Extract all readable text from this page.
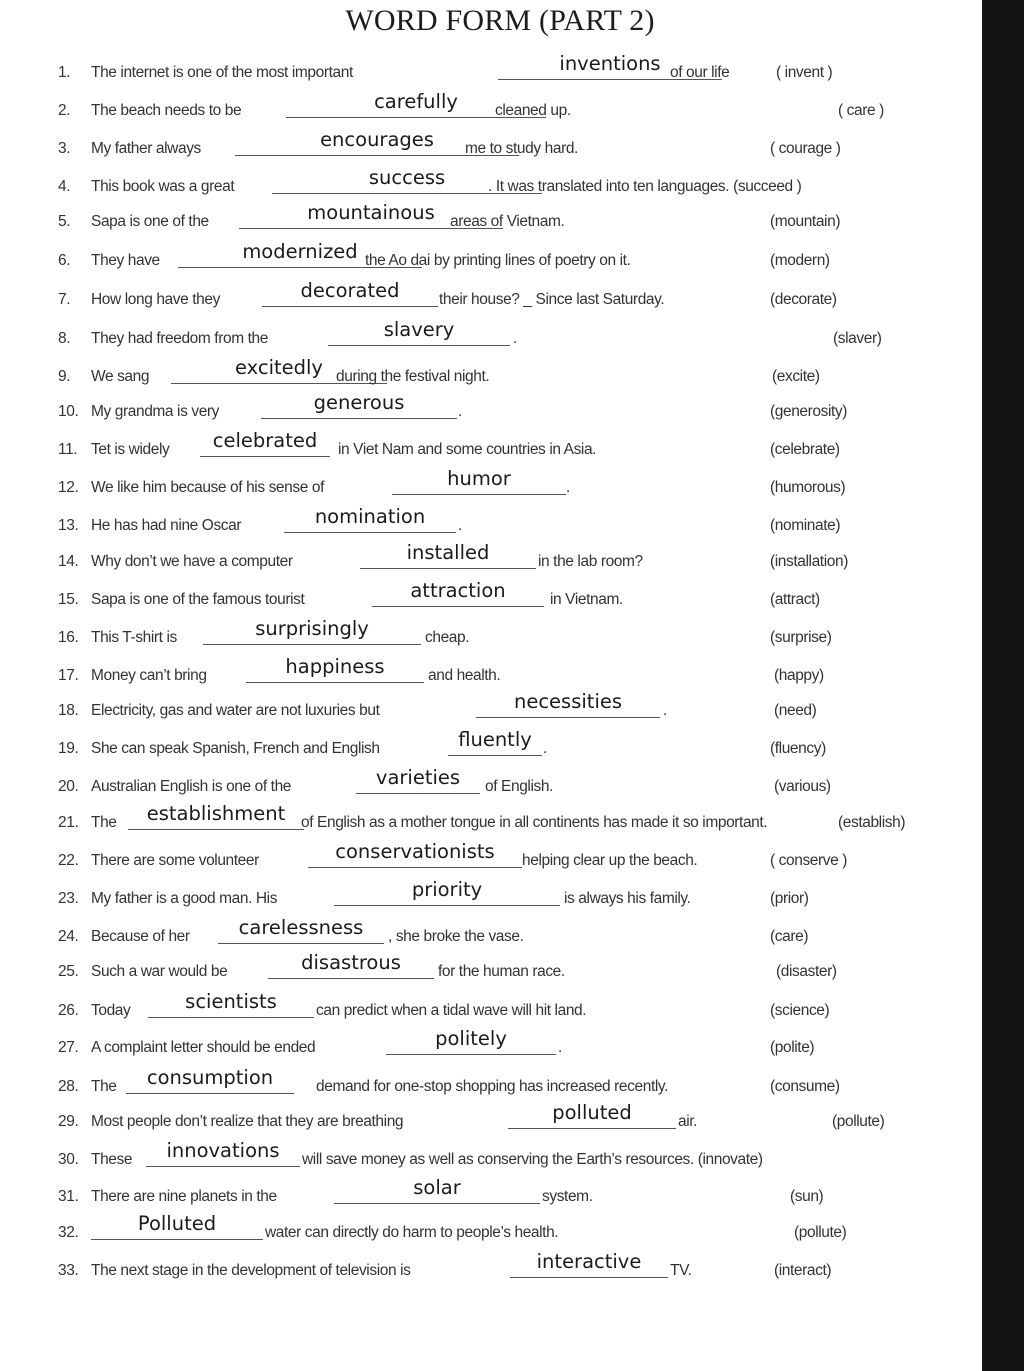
WORD FORM (PART 2)
1. The internet is one of the most important	inventions of our life	( invent )
2. The beach needs to be	carefully	cleaned up.	( care )
3. My father always	encourages	me to study hard.	( courage )
4. This book was a great	success	. It was translated into ten languages. (succeed )
5. Sapa is one of the	mountainous areas of Vietnam.	(mountain)
6. They have	modernized the Ao dai by printing lines of poetry on it.	(modern)
7. How long have they	decorated	their house? _ Since last Saturday.	(decorate)
8. They had freedom from the	slavery	.	(slaver)
9. We sang	excitedly during the festival night.	(excite)
10. My grandma is very	generous	.	(generosity)
11. Tet is widely	celebrated	in Viet Nam and some countries in Asia.	(celebrate)
12. We like him because of his sense of	humor	.	(humorous)
13. He has had nine Oscar	nomination	.	(nominate)
14. Why don’t we have a computer	installed	in the lab room?	(installation)
15. Sapa is one of the famous tourist	attraction	in Vietnam.	(attract)
16. This T-shirt is	surprisingly	cheap.	(surprise)
17. Money can’t bring	happiness	and health.	(happy)
18. Electricity, gas and water are not luxuries but	necessities	.	(need)
19. She can speak Spanish, French and English	fluently .	(fluency)
20. Australian English is one of the	varieties	of English.	(various)
21. The	establishment	of English as a mother tongue in all continents has made it so important.	(establish)
22. There are some volunteer	conservationists	helping clear up the beach.	( conserve )
23. My father is a good man. His	priority	is always his family.	(prior)
24. Because of her	carelessness	, she broke the vase.	(care)
25. Such a war would be	disastrous	for the human race.	(disaster)
26. Today	scientists	can predict when a tidal wave will hit land.	(science)
27. A complaint letter should be ended	politely	.	(polite)
28. The	consumption	demand for one-stop shopping has increased recently.	(consume)
29. Most people don’t realize that they are breathing	polluted	air.	(pollute)
30. These	innovations	will save money as well as conserving the Earth’s resources. (innovate)
31. There are nine planets in the	solar	system.	(sun)
32.	Polluted	water can directly do harm to people’s health.	(pollute)
33. The next stage in the development of television is	interactive	TV.	(interact)
